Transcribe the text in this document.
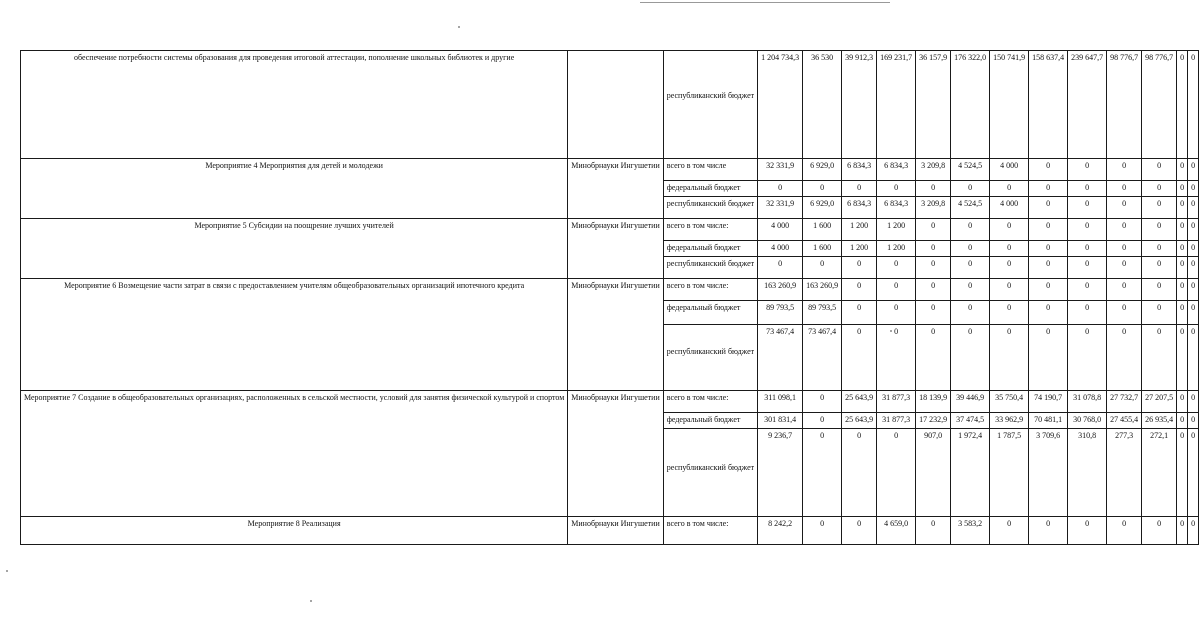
обеспечение потребности системы образования для проведения итоговой аттестации, пополнение школьных библиотек и другие		республиканский бюджет	1 204 734,3	36 530	39 912,3	169 231,7	36 157,9	176 322,0	150 741,9	158 637,4	239 647,7	98 776,7	98 776,7	0	0
Мероприятие 4 Мероприятия для детей и молодежи	Минобрнауки Ингушетии	всего в том числе	32 331,9	6 929,0	6 834,3	6 834,3	3 209,8	4 524,5	4 000	0	0	0	0	0	0
		федеральный бюджет	0	0	0	0	0	0	0	0	0	0	0	0	0
		республиканский бюджет	32 331,9	6 929,0	6 834,3	6 834,3	3 209,8	4 524,5	4 000	0	0	0	0	0	0
Мероприятие 5 Субсидии на поощрение лучших учителей	Минобрнауки Ингушетии	всего в том числе:	4 000	1 600	1 200	1 200	0	0	0	0	0	0	0	0	0
		федеральный бюджет	4 000	1 600	1 200	1 200	0	0	0	0	0	0	0	0	0
		республиканский бюджет	0	0	0	0	0	0	0	0	0	0	0	0	0
Мероприятие 6 Возмещение части затрат в связи с предоставлением учителям общеобразовательных организаций ипотечного кредита	Минобрнауки Ингушетии	всего в том числе:	163 260,9	163 260,9	0	0	0	0	0	0	0	0	0	0	0
		федеральный бюджет	89 793,5	89 793,5	0	0	0	0	0	0	0	0	0	0	0
		республиканский бюджет	73 467,4	73 467,4	0	0	0	0	0	0	0	0	0	0	0
Мероприятие 7 Создание в общеобразовательных организациях, расположенных в сельской местности, условий для занятия физической культурой и спортом	Минобрнауки Ингушетии	всего в том числе:	311 098,1	0	25 643,9	31 877,3	18 139,9	39 446,9	35 750,4	74 190,7	31 078,8	27 732,7	27 207,5	0	0
		федеральный бюджет	301 831,4	0	25 643,9	31 877,3	17 232,9	37 474,5	33 962,9	70 481,1	30 768,0	27 455,4	26 935,4	0	0
		республиканский бюджет	9 236,7	0	0	0	907,0	1 972,4	1 787,5	3 709,6	310,8	277,3	272,1	0	0
Мероприятие 8 Реализация	Минобрнауки Ингушетии	всего в том числе:	8 242,2	0	0	4 659,0	0	3 583,2	0	0	0	0	0	0	0
